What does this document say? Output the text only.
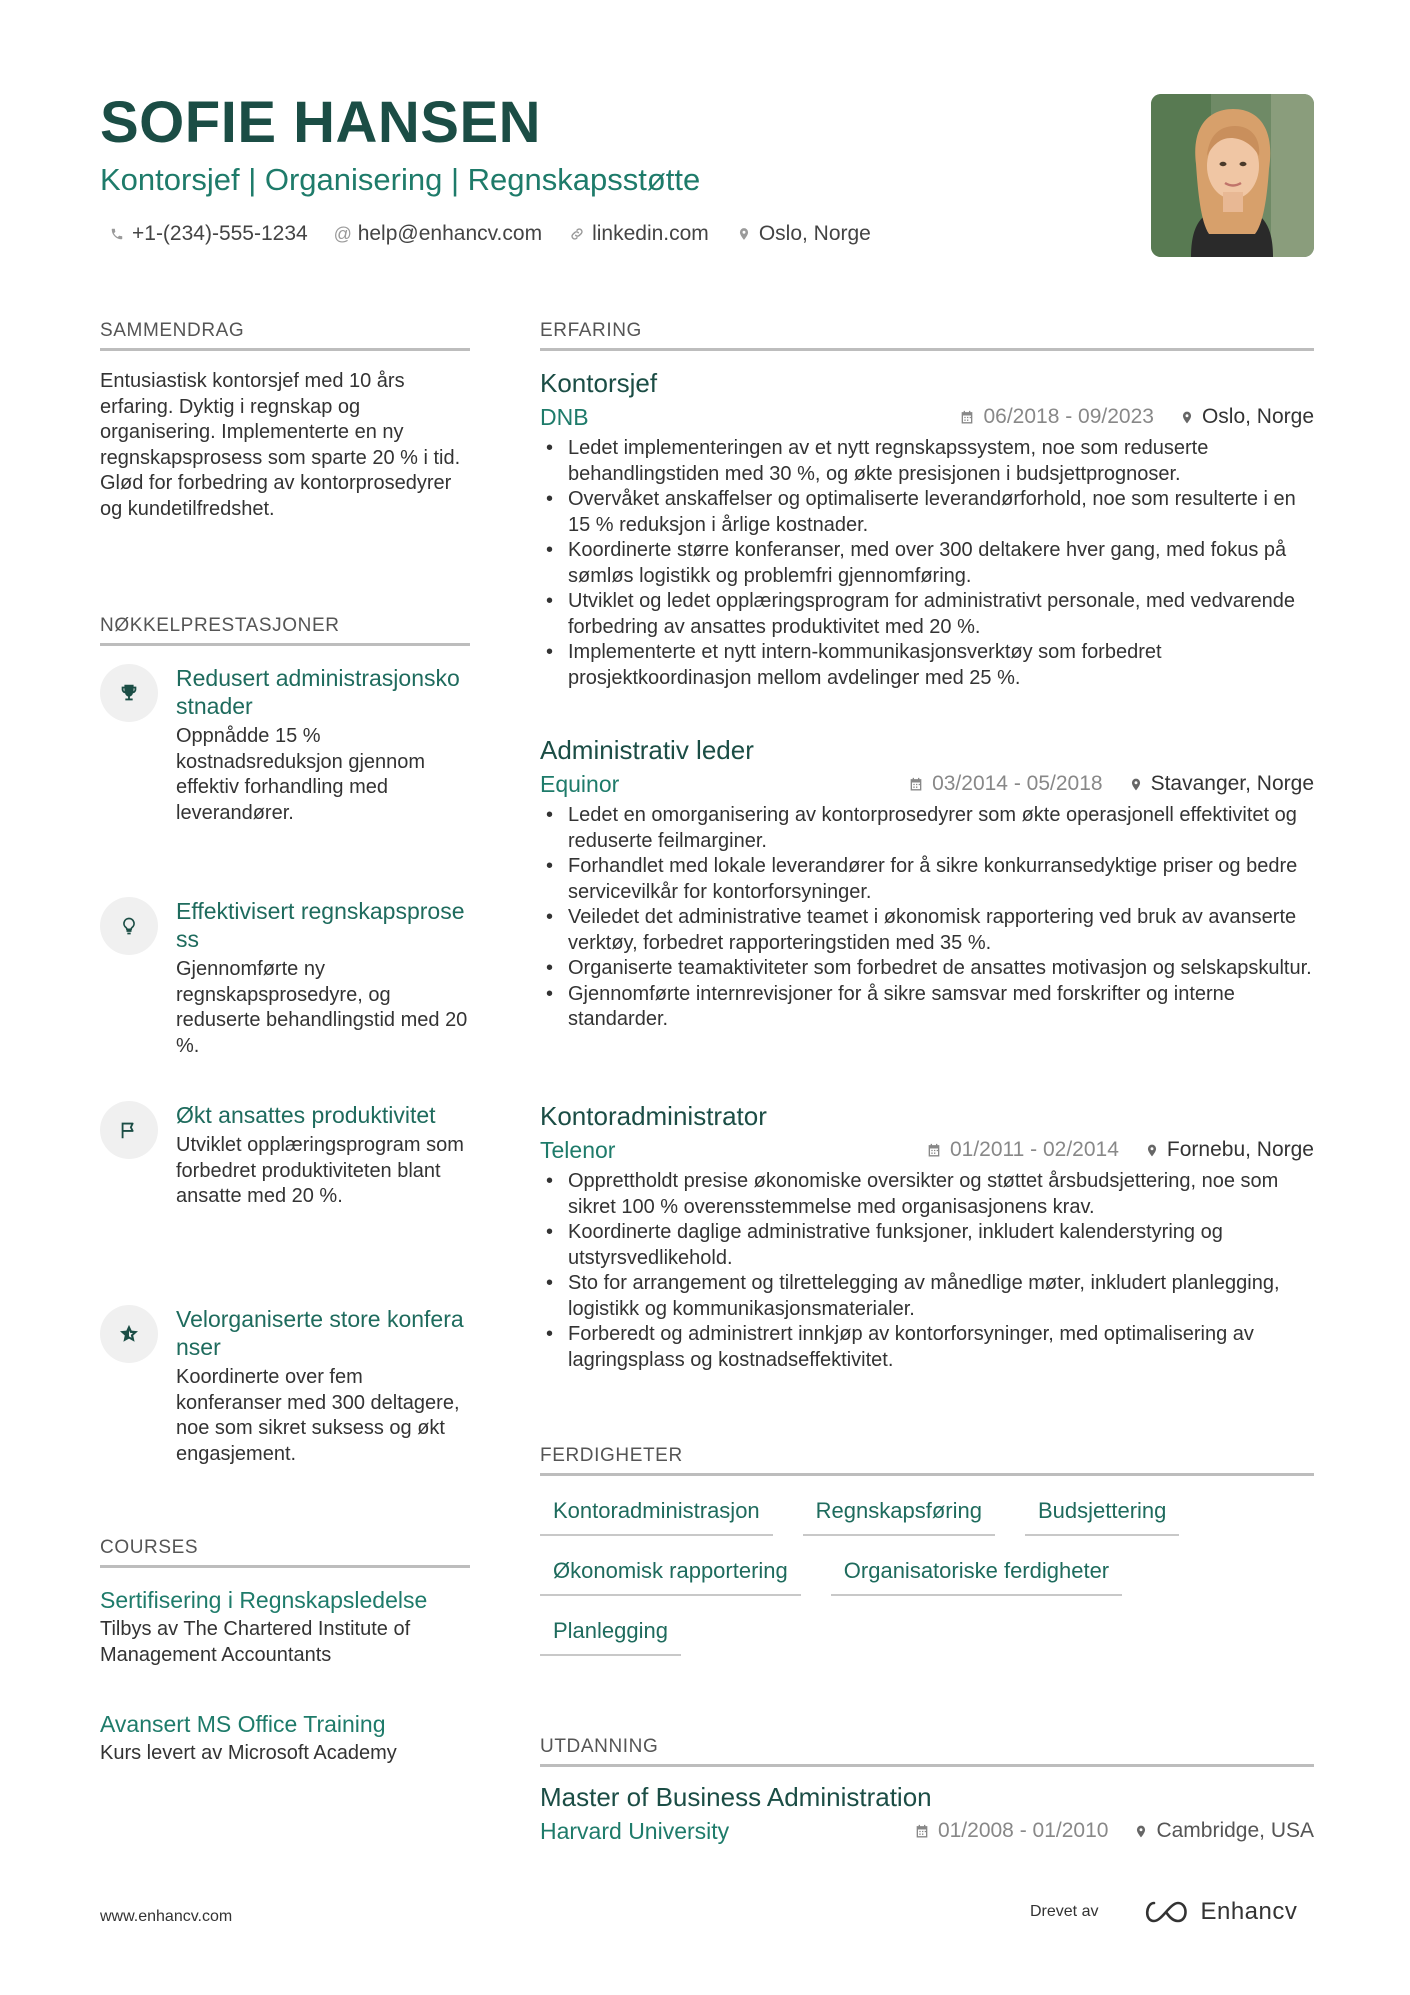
SOFIE HANSEN
Kontorsjef | Organisering | Regnskapsstøtte
+1-(234)-555-1234 @ help@enhancv.com linkedin.com Oslo, Norge
SAMMENDRAG
Entusiastisk kontorsjef med 10 års erfaring. Dyktig i regnskap og organisering. Implementerte en ny regnskapsprosess som sparte 20 % i tid. Glød for forbedring av kontorprosedyrer og kundetilfredshet.
NØKKELPRESTASJONER
Redusert administrasjonskostnader
Oppnådde 15 % kostnadsreduksjon gjennom effektiv forhandling med leverandører.
Effektivisert regnskapsprosess
Gjennomførte ny regnskapsprosedyre, og reduserte behandlingstid med 20 %.
Økt ansattes produktivitet
Utviklet opplæringsprogram som forbedret produktiviteten blant ansatte med 20 %.
Velorganiserte store konferanser
Koordinerte over fem konferanser med 300 deltagere, noe som sikret suksess og økt engasjement.
COURSES
Sertifisering i Regnskapsledelse
Tilbys av The Chartered Institute of Management Accountants
Avansert MS Office Training
Kurs levert av Microsoft Academy
ERFARING
Kontorsjef
DNB	06/2018 - 09/2023 Oslo, Norge
• Ledet implementeringen av et nytt regnskapssystem, noe som reduserte behandlingstiden med 30 %, og økte presisjonen i budsjettprognoser.
• Overvåket anskaffelser og optimaliserte leverandørforhold, noe som resulterte i en 15 % reduksjon i årlige kostnader.
• Koordinerte større konferanser, med over 300 deltakere hver gang, med fokus på sømløs logistikk og problemfri gjennomføring.
• Utviklet og ledet opplæringsprogram for administrativt personale, med vedvarende forbedring av ansattes produktivitet med 20 %.
• Implementerte et nytt intern-kommunikasjonsverktøy som forbedret prosjektkoordinasjon mellom avdelinger med 25 %.
Administrativ leder
Equinor	03/2014 - 05/2018 Stavanger, Norge
• Ledet en omorganisering av kontorprosedyrer som økte operasjonell effektivitet og reduserte feilmarginer.
• Forhandlet med lokale leverandører for å sikre konkurransedyktige priser og bedre servicevilkår for kontorforsyninger.
• Veiledet det administrative teamet i økonomisk rapportering ved bruk av avanserte verktøy, forbedret rapporteringstiden med 35 %.
• Organiserte teamaktiviteter som forbedret de ansattes motivasjon og selskapskultur.
• Gjennomførte internrevisjoner for å sikre samsvar med forskrifter og interne standarder.
Kontoradministrator
Telenor	01/2011 - 02/2014 Fornebu, Norge
• Opprettholdt presise økonomiske oversikter og støttet årsbudsjettering, noe som sikret 100 % overensstemmelse med organisasjonens krav.
• Koordinerte daglige administrative funksjoner, inkludert kalenderstyring og utstyrsvedlikehold.
• Sto for arrangement og tilrettelegging av månedlige møter, inkludert planlegging, logistikk og kommunikasjonsmaterialer.
• Forberedt og administrert innkjøp av kontorforsyninger, med optimalisering av lagringsplass og kostnadseffektivitet.
FERDIGHETER
Kontoradministrasjon	Regnskapsføring	Budsjettering
Økonomisk rapportering	Organisatoriske ferdigheter
Planlegging
UTDANNING
Master of Business Administration
Harvard University	01/2008 - 01/2010 Cambridge, USA
www.enhancv.com	Drevet av	Enhancv
